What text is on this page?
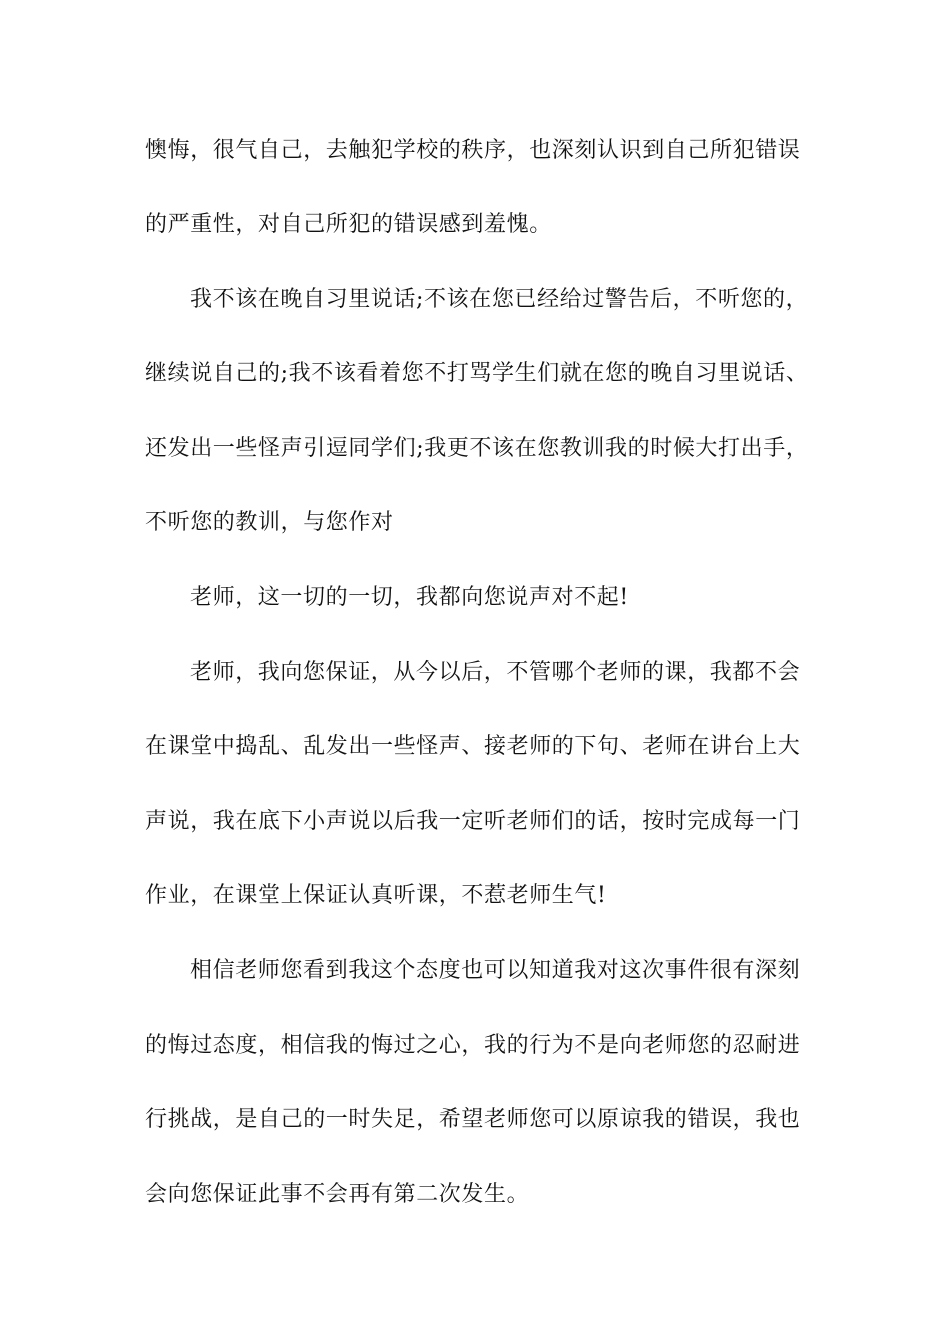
懊悔，很气自己，去触犯学校的秩序，也深刻认识到自己所犯错误
的严重性，对自己所犯的错误感到羞愧。
我不该在晚自习里说话;不该在您已经给过警告后，不听您的，
继续说自己的;我不该看着您不打骂学生们就在您的晚自习里说话、
还发出一些怪声引逗同学们;我更不该在您教训我的时候大打出手，
不听您的教训，与您作对
老师，这一切的一切，我都向您说声对不起!
老师，我向您保证，从今以后，不管哪个老师的课，我都不会
在课堂中捣乱、乱发出一些怪声、接老师的下句、老师在讲台上大
声说，我在底下小声说以后我一定听老师们的话，按时完成每一门
作业，在课堂上保证认真听课，不惹老师生气!
相信老师您看到我这个态度也可以知道我对这次事件很有深刻
的悔过态度，相信我的悔过之心，我的行为不是向老师您的忍耐进
行挑战，是自己的一时失足，希望老师您可以原谅我的错误，我也
会向您保证此事不会再有第二次发生。
